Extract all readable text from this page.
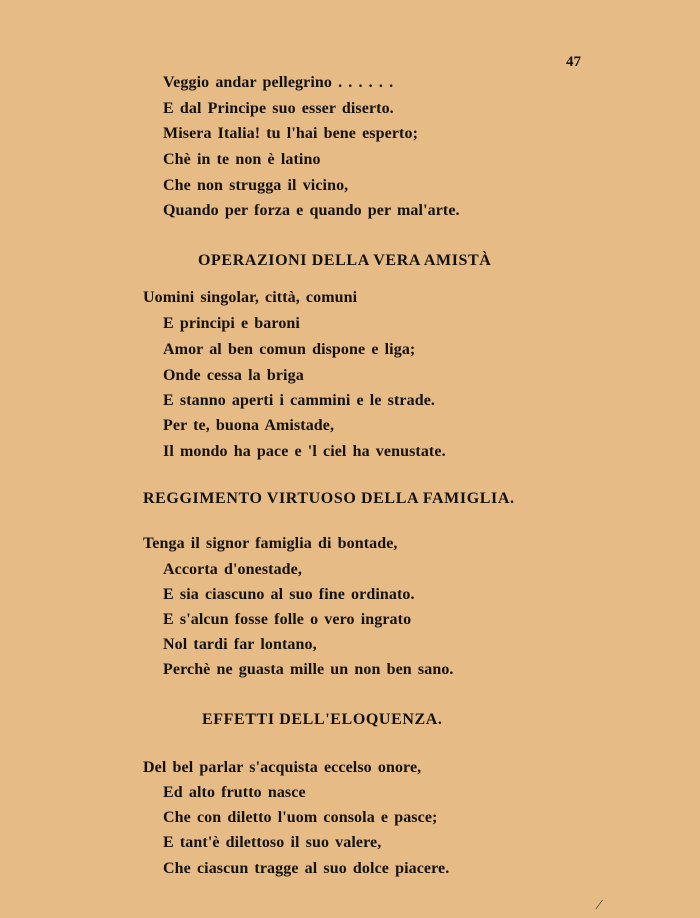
47
Veggio andar pellegrino . . . . . .
E dal Principe suo esser diserto.
Misera Italia! tu l'hai bene esperto;
Chè in te non è latino
Che non strugga il vicino,
Quando per forza e quando per mal'arte.
OPERAZIONI DELLA VERA AMISTÀ
Uomini singolar, città, comuni
E principi e baroni
Amor al ben comun dispone e liga;
Onde cessa la briga
E stanno aperti i cammini e le strade.
Per te, buona Amistade,
Il mondo ha pace e 'l ciel ha venustate.
REGGIMENTO VIRTUOSO DELLA FAMIGLIA.
Tenga il signor famiglia di bontade,
Accorta d'onestade,
E sia ciascuno al suo fine ordinato.
E s'alcun fosse folle o vero ingrato
Nol tardi far lontano,
Perchè ne guasta mille un non ben sano.
EFFETTI DELL'ELOQUENZA.
Del bel parlar s'acquista eccelso onore,
Ed alto frutto nasce
Che con diletto l'uom consola e pasce;
E tant'è dilettoso il suo valere,
Che ciascun tragge al suo dolce piacere.
⁄
